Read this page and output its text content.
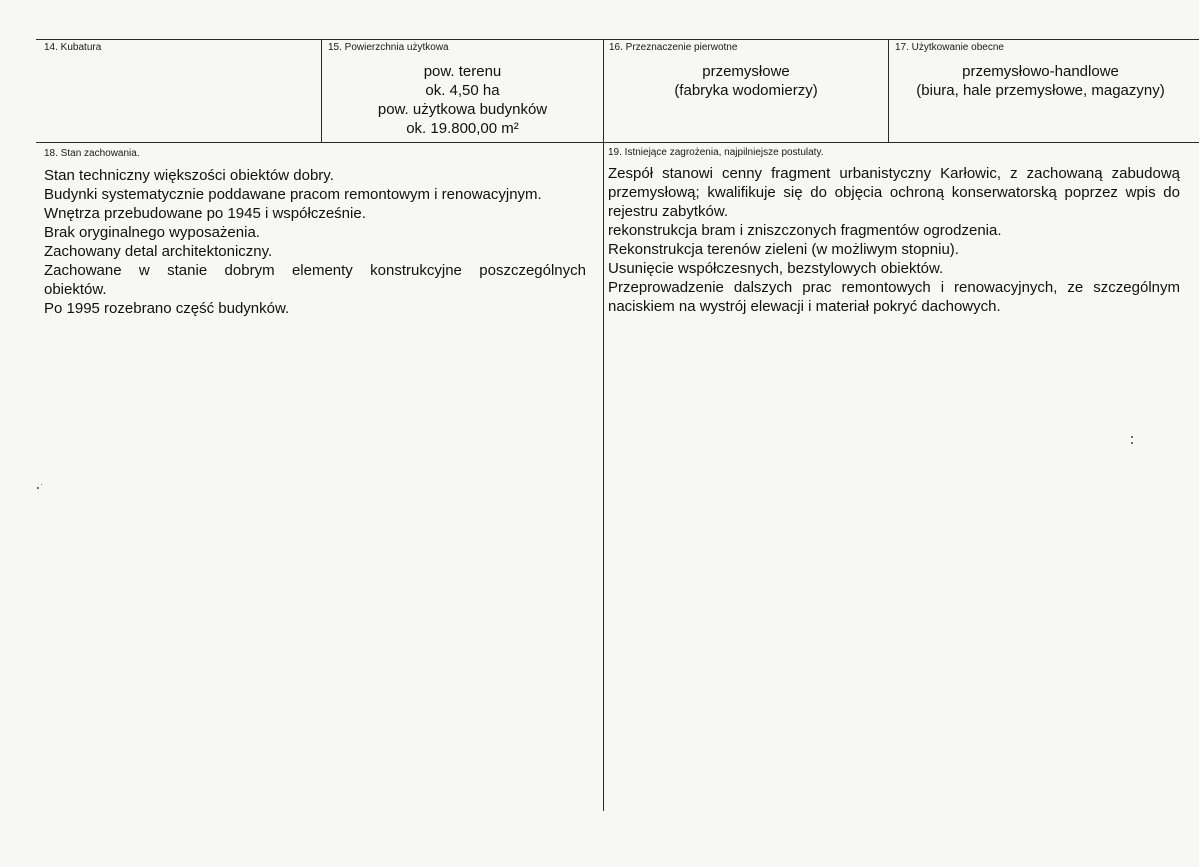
14. Kubatura	15. Powierzchnia użytkowa
pow. terenu
ok. 4,50 ha
pow. użytkowa budynków
ok. 19.800,00 m²
16. Przeznaczenie pierwotne
przemysłowe
(fabryka wodomierzy)
17. Użytkowanie obecne
przemysłowo-handlowe
(biura, hale przemysłowe, magazyny)
18. Stan zachowania.
Stan techniczny większości obiektów dobry.
Budynki systematycznie poddawane pracom remontowym i renowacyjnym.
Wnętrza przebudowane po 1945 i współcześnie.
Brak oryginalnego wyposażenia.
Zachowany detal architektoniczny.
Zachowane w stanie dobrym elementy konstrukcyjne poszczególnych
obiektów.
Po 1995 rozebrano część budynków.
19. Istniejące zagrożenia, najpilniejsze postulaty.
Zespół stanowi cenny fragment urbanistyczny Karłowic, z zachowaną zabudową
przemysłową; kwalifikuje się do objęcia ochroną konserwatorską poprzez wpis do
rejestru zabytków.
rekonstrukcja bram i zniszczonych fragmentów ogrodzenia.
Rekonstrukcja terenów zieleni (w możliwym stopniu).
Usunięcie współczesnych, bezstylowych obiektów.
Przeprowadzenie dalszych prac remontowych i renowacyjnych, ze szczególnym
naciskiem na wystrój elewacji i materiał pokryć dachowych.
